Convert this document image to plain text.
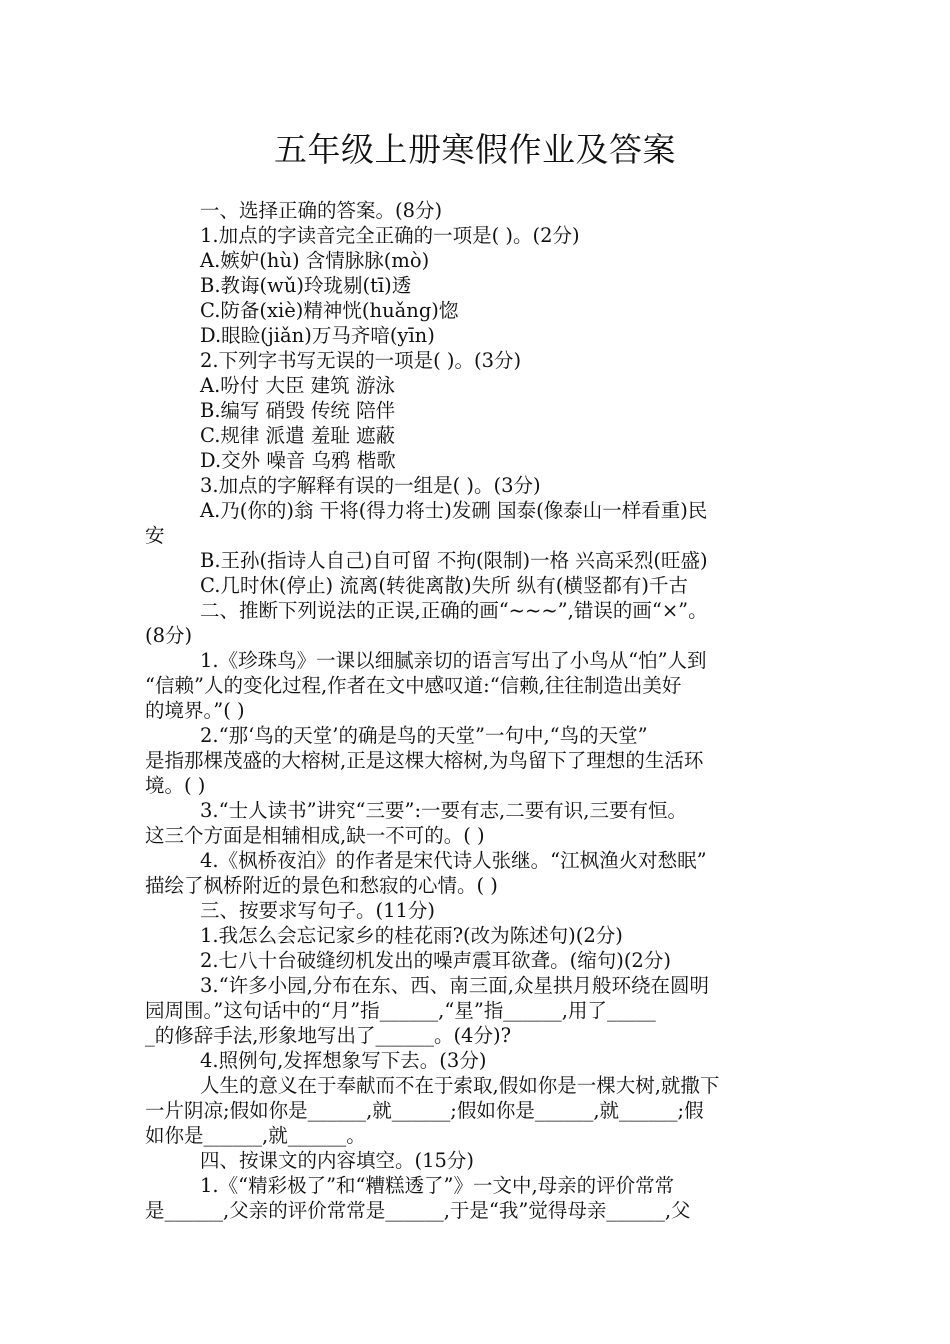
五年级上册寒假作业及答案

一、选择正确的答案。(8分)

1.加点的字读音完全正确的一项是( )。(2分)

A.嫉妒(hù) 含情脉脉(mò)

B.教诲(wǔ)玲珑剔(tī)透

C.防备(xiè)精神恍(huǎng)惚

D.眼睑(jiǎn)万马齐喑(yīn)

2.下列字书写无误的一项是( )。(3分)

A.吩付 大臣 建筑 游泳

B.编写 硝毁 传统 陪伴

C.规律 派遣 羞耻 遮蔽

D.交外 噪音 乌鸦 楷歌

3.加点的字解释有误的一组是( )。(3分)

A.乃(你的)翁 干将(得力将士)发硎 国泰(像泰山一样看重)民

安

B.王孙(指诗人自己)自可留 不拘(限制)一格 兴高采烈(旺盛)

C.几时休(停止) 流离(转徙离散)失所 纵有(横竖都有)千古

二、推断下列说法的正误,正确的画“~~~”,错误的画“×”。

(8分)

1.《珍珠鸟》一课以细腻亲切的语言写出了小鸟从“怕”人到

“信赖”人的变化过程,作者在文中感叹道:“信赖,往往制造出美好

的境界。”( )

2.“那‘鸟的天堂’的确是鸟的天堂”一句中,“鸟的天堂”

是指那棵茂盛的大榕树,正是这棵大榕树,为鸟留下了理想的生活环

境。( )

3.“士人读书”讲究“三要”:一要有志,二要有识,三要有恒。

这三个方面是相辅相成,缺一不可的。( )

4.《枫桥夜泊》的作者是宋代诗人张继。“江枫渔火对愁眠”

描绘了枫桥附近的景色和愁寂的心情。( )

三、按要求写句子。(11分)

1.我怎么会忘记家乡的桂花雨?(改为陈述句)(2分)

2.七八十台破缝纫机发出的噪声震耳欲聋。(缩句)(2分)

3.“许多小园,分布在东、西、南三面,众星拱月般环绕在圆明

园周围。”这句话中的“月”指______,“星”指______,用了_____

_的修辞手法,形象地写出了______。(4分)?

4.照例句,发挥想象写下去。(3分)

人生的意义在于奉献而不在于索取,假如你是一棵大树,就撒下

一片阴凉;假如你是______,就______;假如你是______,就______;假

如你是______,就______。

四、按课文的内容填空。(15分)

1.《“精彩极了”和“糟糕透了”》一文中,母亲的评价常常

是______,父亲的评价常常是______,于是“我”觉得母亲______,父
